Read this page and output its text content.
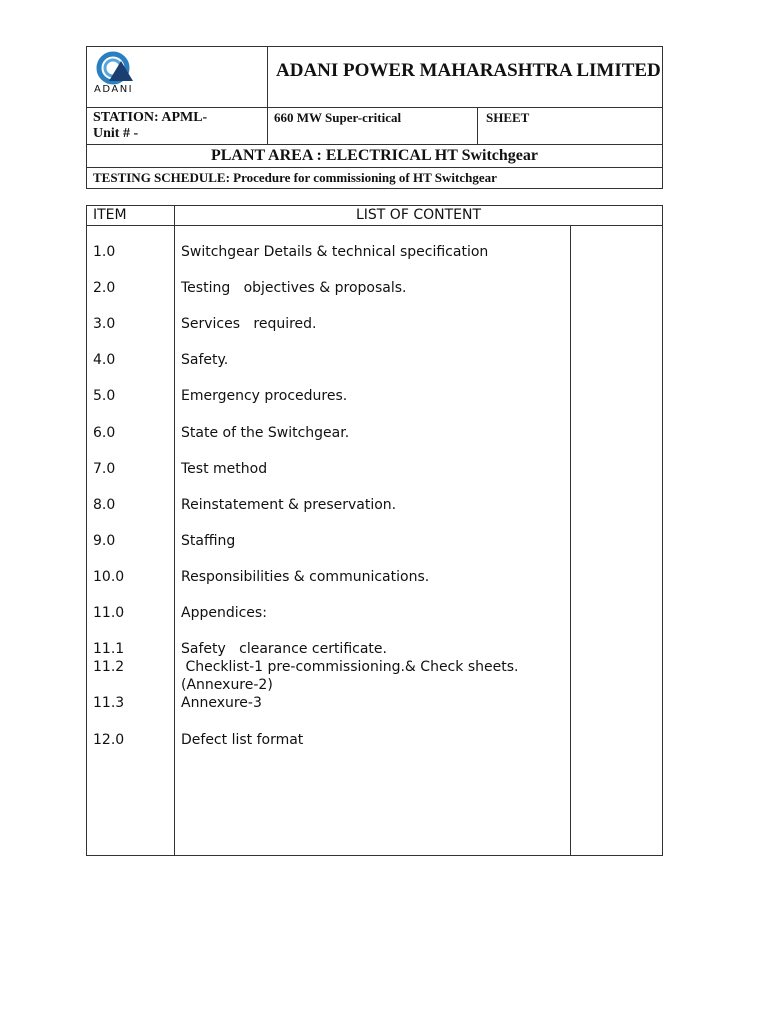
ADANI
ADANI POWER MAHARASHTRA LIMITED
STATION: APML-
Unit # -
660 MW Super-critical	SHEET
PLANT AREA : ELECTRICAL HT Switchgear
TESTING SCHEDULE: Procedure for commissioning of HT Switchgear
ITEM	LIST OF CONTENT
1.0	Switchgear Details & technical specification
2.0	Testing   objectives & proposals.
3.0	Services   required.
4.0	Safety.
5.0	Emergency procedures.
6.0	State of the Switchgear.
7.0	Test method
8.0	Reinstatement & preservation.
9.0	Staffing
10.0	Responsibilities & communications.
11.0	Appendices:
11.1	Safety   clearance certificate.
11.2	Checklist-1 pre-commissioning.& Check sheets.
(Annexure-2)
11.3	Annexure-3
12.0	Defect list format
